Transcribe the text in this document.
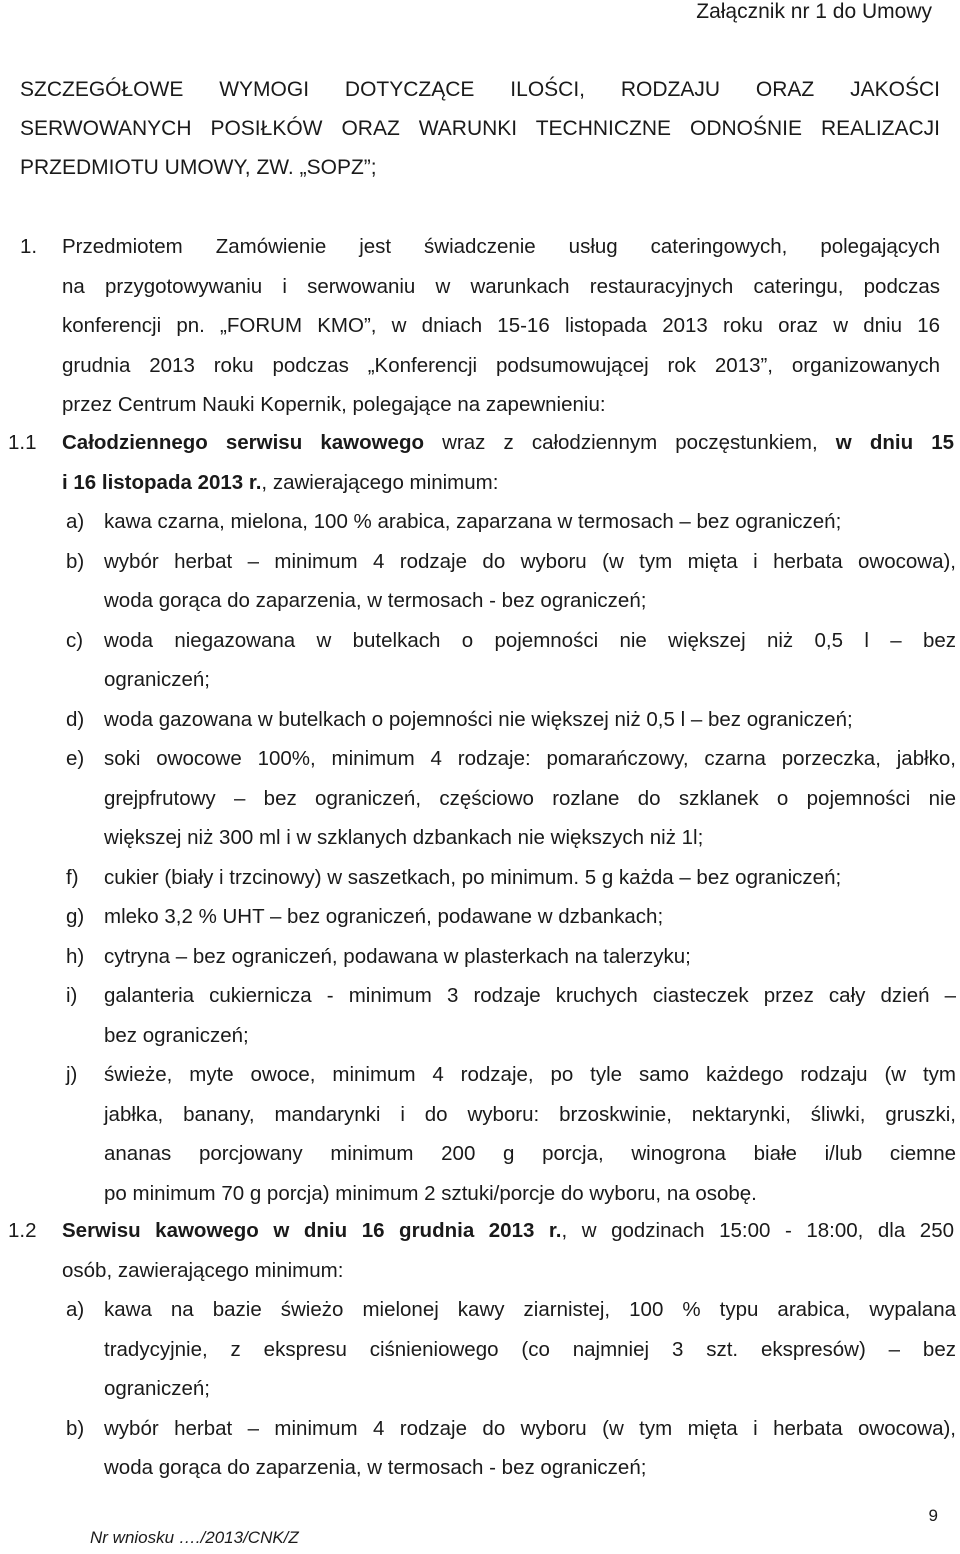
Załącznik nr 1 do Umowy
SZCZEGÓŁOWE WYMOGI DOTYCZĄCE ILOŚCI, RODZAJU ORAZ JAKOŚCI
SERWOWANYCH POSIŁKÓW ORAZ WARUNKI TECHNICZNE ODNOŚNIE REALIZACJI
PRZEDMIOTU UMOWY, ZW. „SOPZ”;
1. Przedmiotem Zamówienie jest świadczenie usług cateringowych, polegających
na przygotowywaniu i serwowaniu w warunkach restauracyjnych cateringu, podczas
konferencji pn. „FORUM KMO”, w dniach 15-16 listopada 2013 roku oraz w dniu 16
grudnia 2013 roku podczas „Konferencji podsumowującej rok 2013”, organizowanych
przez Centrum Nauki Kopernik, polegające na zapewnieniu:
1.1 Całodziennego serwisu kawowego wraz z całodziennym poczęstunkiem, w dniu 15
i 16 listopada 2013 r., zawierającego minimum:
a) kawa czarna, mielona, 100 % arabica, zaparzana w termosach – bez ograniczeń;
b) wybór herbat – minimum 4 rodzaje do wyboru (w tym mięta i herbata owocowa),
woda gorąca do zaparzenia, w termosach - bez ograniczeń;
c) woda niegazowana w butelkach o pojemności nie większej niż 0,5 l – bez
ograniczeń;
d) woda gazowana w butelkach o pojemności nie większej niż 0,5 l – bez ograniczeń;
e) soki owocowe 100%, minimum 4 rodzaje: pomarańczowy, czarna porzeczka, jabłko,
grejpfrutowy – bez ograniczeń, częściowo rozlane do szklanek o pojemności nie
większej niż 300 ml i w szklanych dzbankach nie większych niż 1l;
f) cukier (biały i trzcinowy) w saszetkach, po minimum. 5 g każda – bez ograniczeń;
g) mleko 3,2 % UHT – bez ograniczeń, podawane w dzbankach;
h) cytryna – bez ograniczeń, podawana w plasterkach na talerzyku;
i) galanteria cukiernicza - minimum 3 rodzaje kruchych ciasteczek przez cały dzień –
bez ograniczeń;
j) świeże, myte owoce, minimum 4 rodzaje, po tyle samo każdego rodzaju (w tym
jabłka, banany, mandarynki i do wyboru: brzoskwinie, nektarynki, śliwki, gruszki,
ananas porcjowany minimum 200 g porcja, winogrona białe i/lub ciemne
po minimum 70 g porcja) minimum 2 sztuki/porcje do wyboru, na osobę.
1.2 Serwisu kawowego w dniu 16 grudnia 2013 r., w godzinach 15:00 - 18:00, dla 250
osób, zawierającego minimum:
a) kawa na bazie świeżo mielonej kawy ziarnistej, 100 % typu arabica, wypalana
tradycyjnie, z ekspresu ciśnieniowego (co najmniej 3 szt. ekspresów) – bez
ograniczeń;
b) wybór herbat – minimum 4 rodzaje do wyboru (w tym mięta i herbata owocowa),
woda gorąca do zaparzenia, w termosach - bez ograniczeń;
Nr wniosku …./2013/CNK/Z
9
